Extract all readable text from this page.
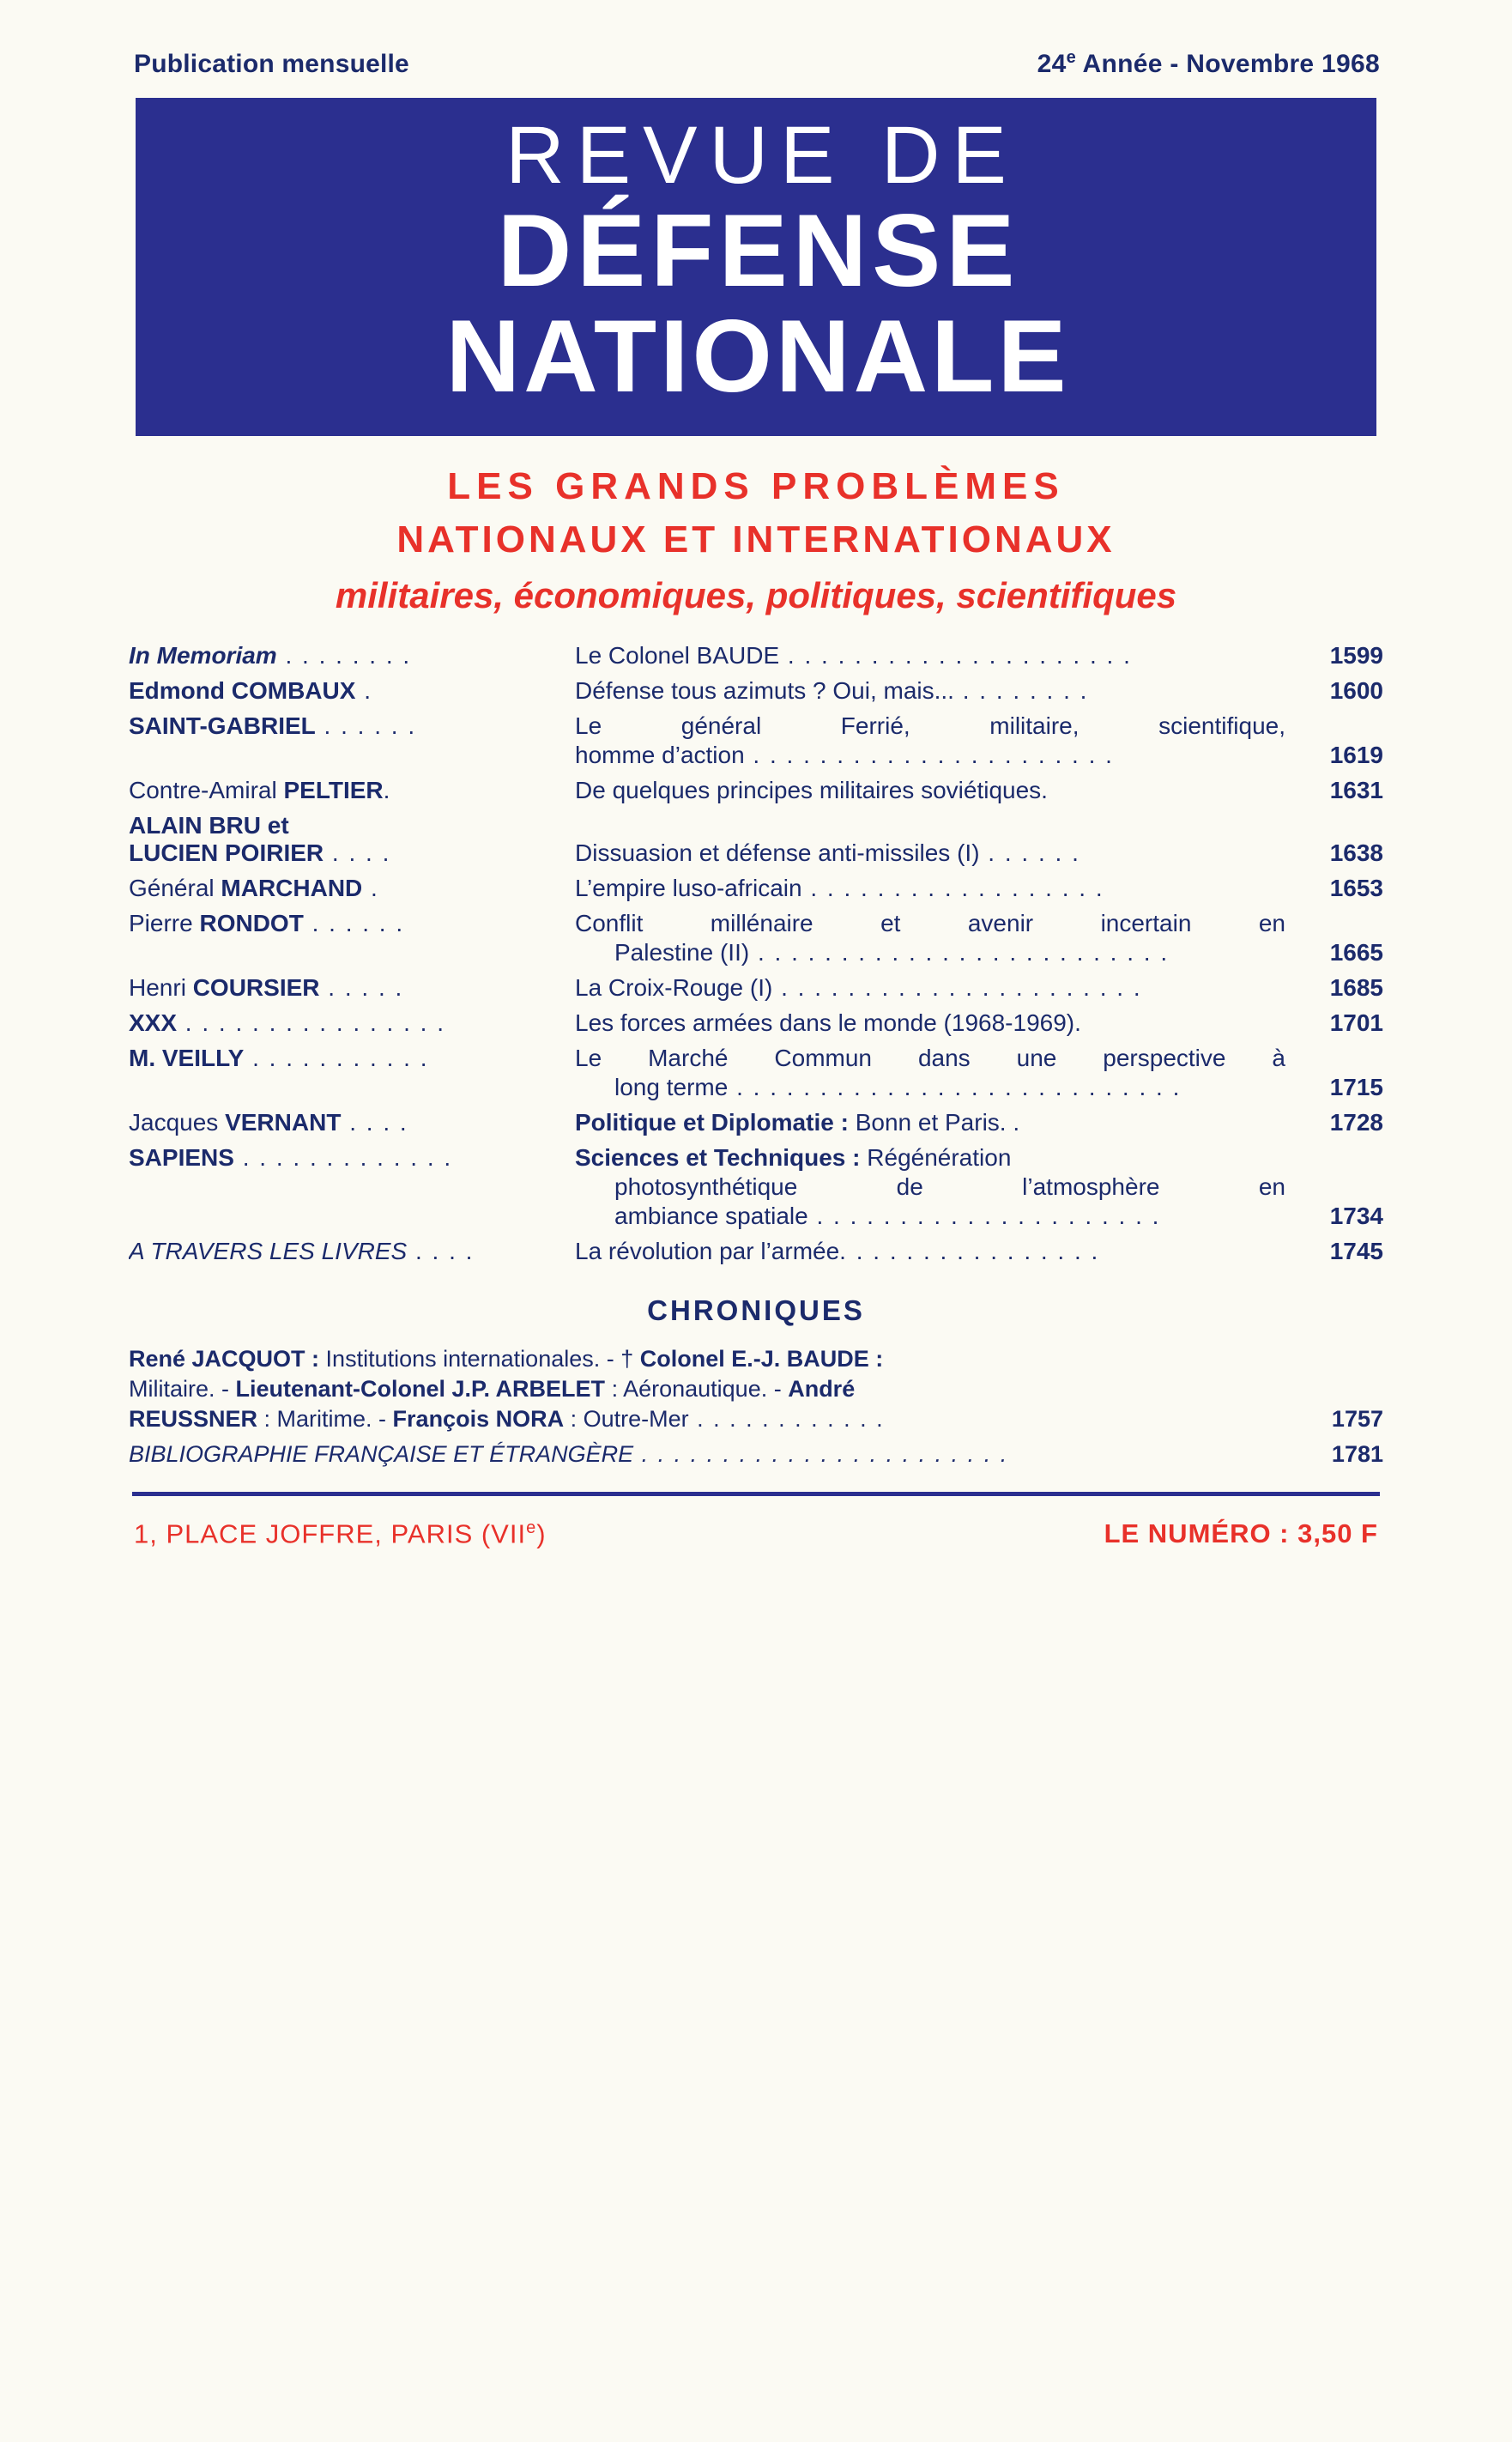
Publication mensuelle	24e Année - Novembre 1968
REVUE DE
DÉFENSE
NATIONALE
LES GRANDS PROBLÈMES
NATIONAUX ET INTERNATIONAUX
militaires, économiques, politiques, scientifiques
In Memoriam . . . . . . . .	Le Colonel BAUDE . . . . . . . . . . . . . . . . . . . . .	1599
Edmond COMBAUX .	Défense tous azimuts ? Oui, mais... . . . . . . . .	1600
SAINT-GABRIEL . . . . . .	Le général Ferrié, militaire, scientifique,
homme d’action . . . . . . . . . . . . . . . . . . . . . .	1619
Contre-Amiral PELTIER.	De quelques principes militaires soviétiques.	1631
ALAIN BRU et
LUCIEN POIRIER . . . .	Dissuasion et défense anti-missiles (I) . . . . . .	1638
Général MARCHAND .	L’empire luso-africain . . . . . . . . . . . . . . . . . .	1653
Pierre RONDOT . . . . . .	Conflit millénaire et avenir incertain en
Palestine (II) . . . . . . . . . . . . . . . . . . . . . . . . .	1665
Henri COURSIER . . . . .	La Croix-Rouge (I) . . . . . . . . . . . . . . . . . . . . . .	1685
XXX . . . . . . . . . . . . . . . .	Les forces armées dans le monde (1968-1969).	1701
M. VEILLY . . . . . . . . . . .	Le Marché Commun dans une perspective à
long terme . . . . . . . . . . . . . . . . . . . . . . . . . . .	1715
Jacques VERNANT . . . .	Politique et Diplomatie : Bonn et Paris. .	1728
SAPIENS . . . . . . . . . . . . .	Sciences et Techniques : Régénération
photosynthétique de l’atmosphère en
ambiance spatiale . . . . . . . . . . . . . . . . . . . . .	1734
A TRAVERS LES LIVRES . . . .	La révolution par l’armée. . . . . . . . . . . . . . . .	1745
CHRONIQUES
René JACQUOT : Institutions internationales. - † Colonel E.-J. BAUDE :
Militaire. - Lieutenant-Colonel J.P. ARBELET : Aéronautique. - André
REUSSNER : Maritime. - François NORA : Outre-Mer . . . . . . . . . . . .	1757
BIBLIOGRAPHIE FRANÇAISE ET ÉTRANGÈRE . . . . . . . . . . . . . . . . . . . . . . .	1781
1, PLACE JOFFRE, PARIS (VIIe)	LE NUMÉRO : 3,50 F
